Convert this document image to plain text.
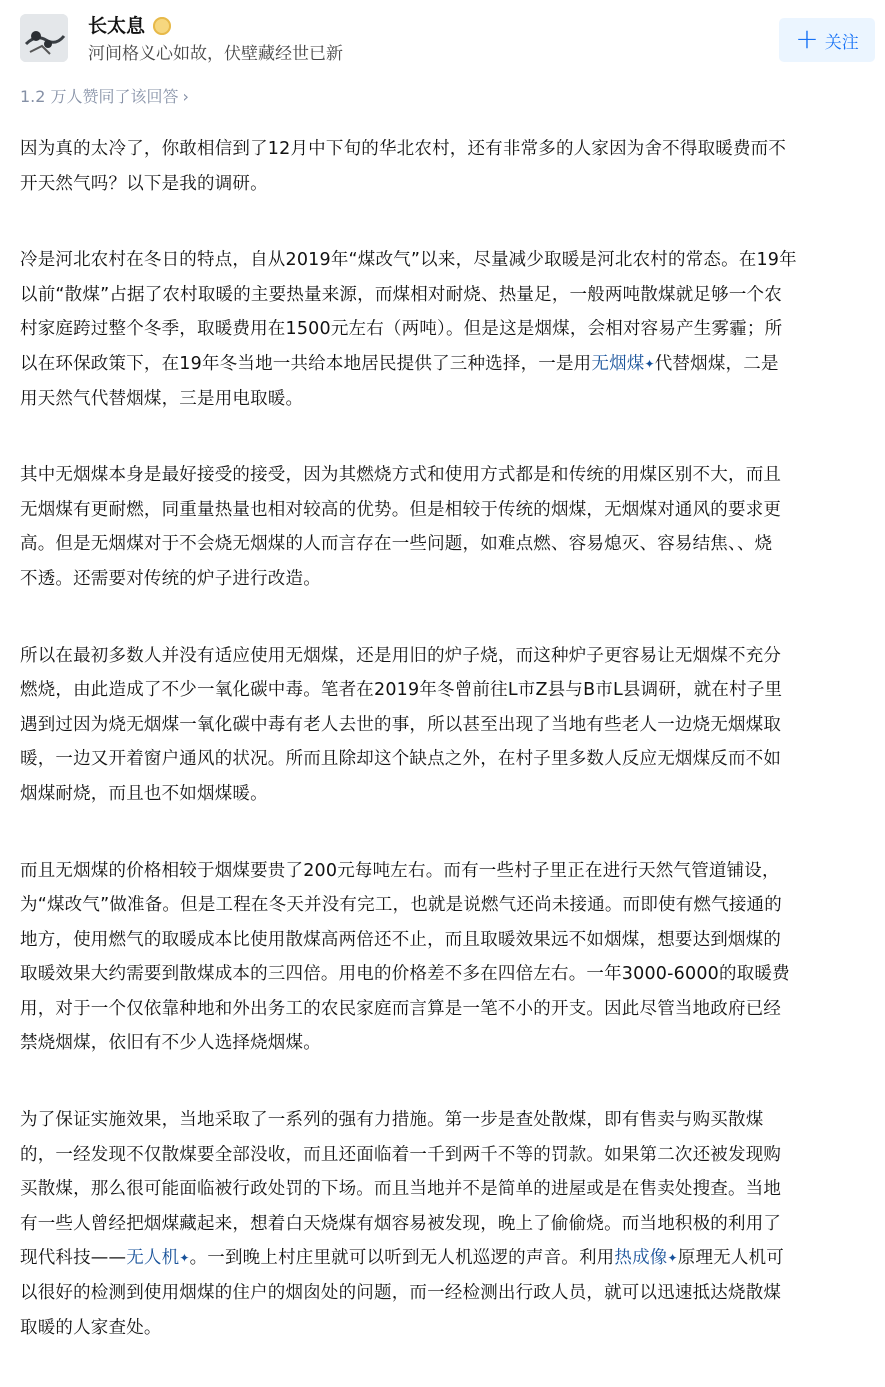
长太息
河间格义心如故，伏壁藏经世已新	+ 关注
1.2 万人赞同了该回答 ›

因为真的太冷了，你敢相信到了12月中下旬的华北农村，还有非常多的人家因为舍不得取暖费而不
开天然气吗？以下是我的调研。

冷是河北农村在冬日的特点，自从2019年“煤改气”以来，尽量减少取暖是河北农村的常态。在19年
以前“散煤”占据了农村取暖的主要热量来源，而煤相对耐烧、热量足，一般两吨散煤就足够一个农
村家庭跨过整个冬季，取暖费用在1500元左右（两吨）。但是这是烟煤，会相对容易产生雾霾；所
以在环保政策下，在19年冬当地一共给本地居民提供了三种选择，一是用无烟煤✦代替烟煤，二是
用天然气代替烟煤，三是用电取暖。

其中无烟煤本身是最好接受的接受，因为其燃烧方式和使用方式都是和传统的用煤区别不大，而且
无烟煤有更耐燃，同重量热量也相对较高的优势。但是相较于传统的烟煤，无烟煤对通风的要求更
高。但是无烟煤对于不会烧无烟煤的人而言存在一些问题，如难点燃、容易熄灭、容易结焦、、烧
不透。还需要对传统的炉子进行改造。

所以在最初多数人并没有适应使用无烟煤，还是用旧的炉子烧，而这种炉子更容易让无烟煤不充分
燃烧，由此造成了不少一氧化碳中毒。笔者在2019年冬曾前往L市Z县与B市L县调研，就在村子里
遇到过因为烧无烟煤一氧化碳中毒有老人去世的事，所以甚至出现了当地有些老人一边烧无烟煤取
暖，一边又开着窗户通风的状况。所而且除却这个缺点之外，在村子里多数人反应无烟煤反而不如
烟煤耐烧，而且也不如烟煤暖。

而且无烟煤的价格相较于烟煤要贵了200元每吨左右。而有一些村子里正在进行天然气管道铺设，
为“煤改气”做准备。但是工程在冬天并没有完工，也就是说燃气还尚未接通。而即使有燃气接通的
地方，使用燃气的取暖成本比使用散煤高两倍还不止，而且取暖效果远不如烟煤，想要达到烟煤的
取暖效果大约需要到散煤成本的三四倍。用电的价格差不多在四倍左右。一年3000-6000的取暖费
用，对于一个仅依靠种地和外出务工的农民家庭而言算是一笔不小的开支。因此尽管当地政府已经
禁烧烟煤，依旧有不少人选择烧烟煤。

为了保证实施效果，当地采取了一系列的强有力措施。第一步是查处散煤，即有售卖与购买散煤
的，一经发现不仅散煤要全部没收，而且还面临着一千到两千不等的罚款。如果第二次还被发现购
买散煤，那么很可能面临被行政处罚的下场。而且当地并不是简单的进屋或是在售卖处搜查。当地
有一些人曾经把烟煤藏起来，想着白天烧煤有烟容易被发现，晚上了偷偷烧。而当地积极的利用了
现代科技——无人机✦。一到晚上村庄里就可以听到无人机巡逻的声音。利用热成像✦原理无人机可
以很好的检测到使用烟煤的住户的烟囱处的问题，而一经检测出行政人员，就可以迅速抵达烧散煤
取暖的人家查处。
